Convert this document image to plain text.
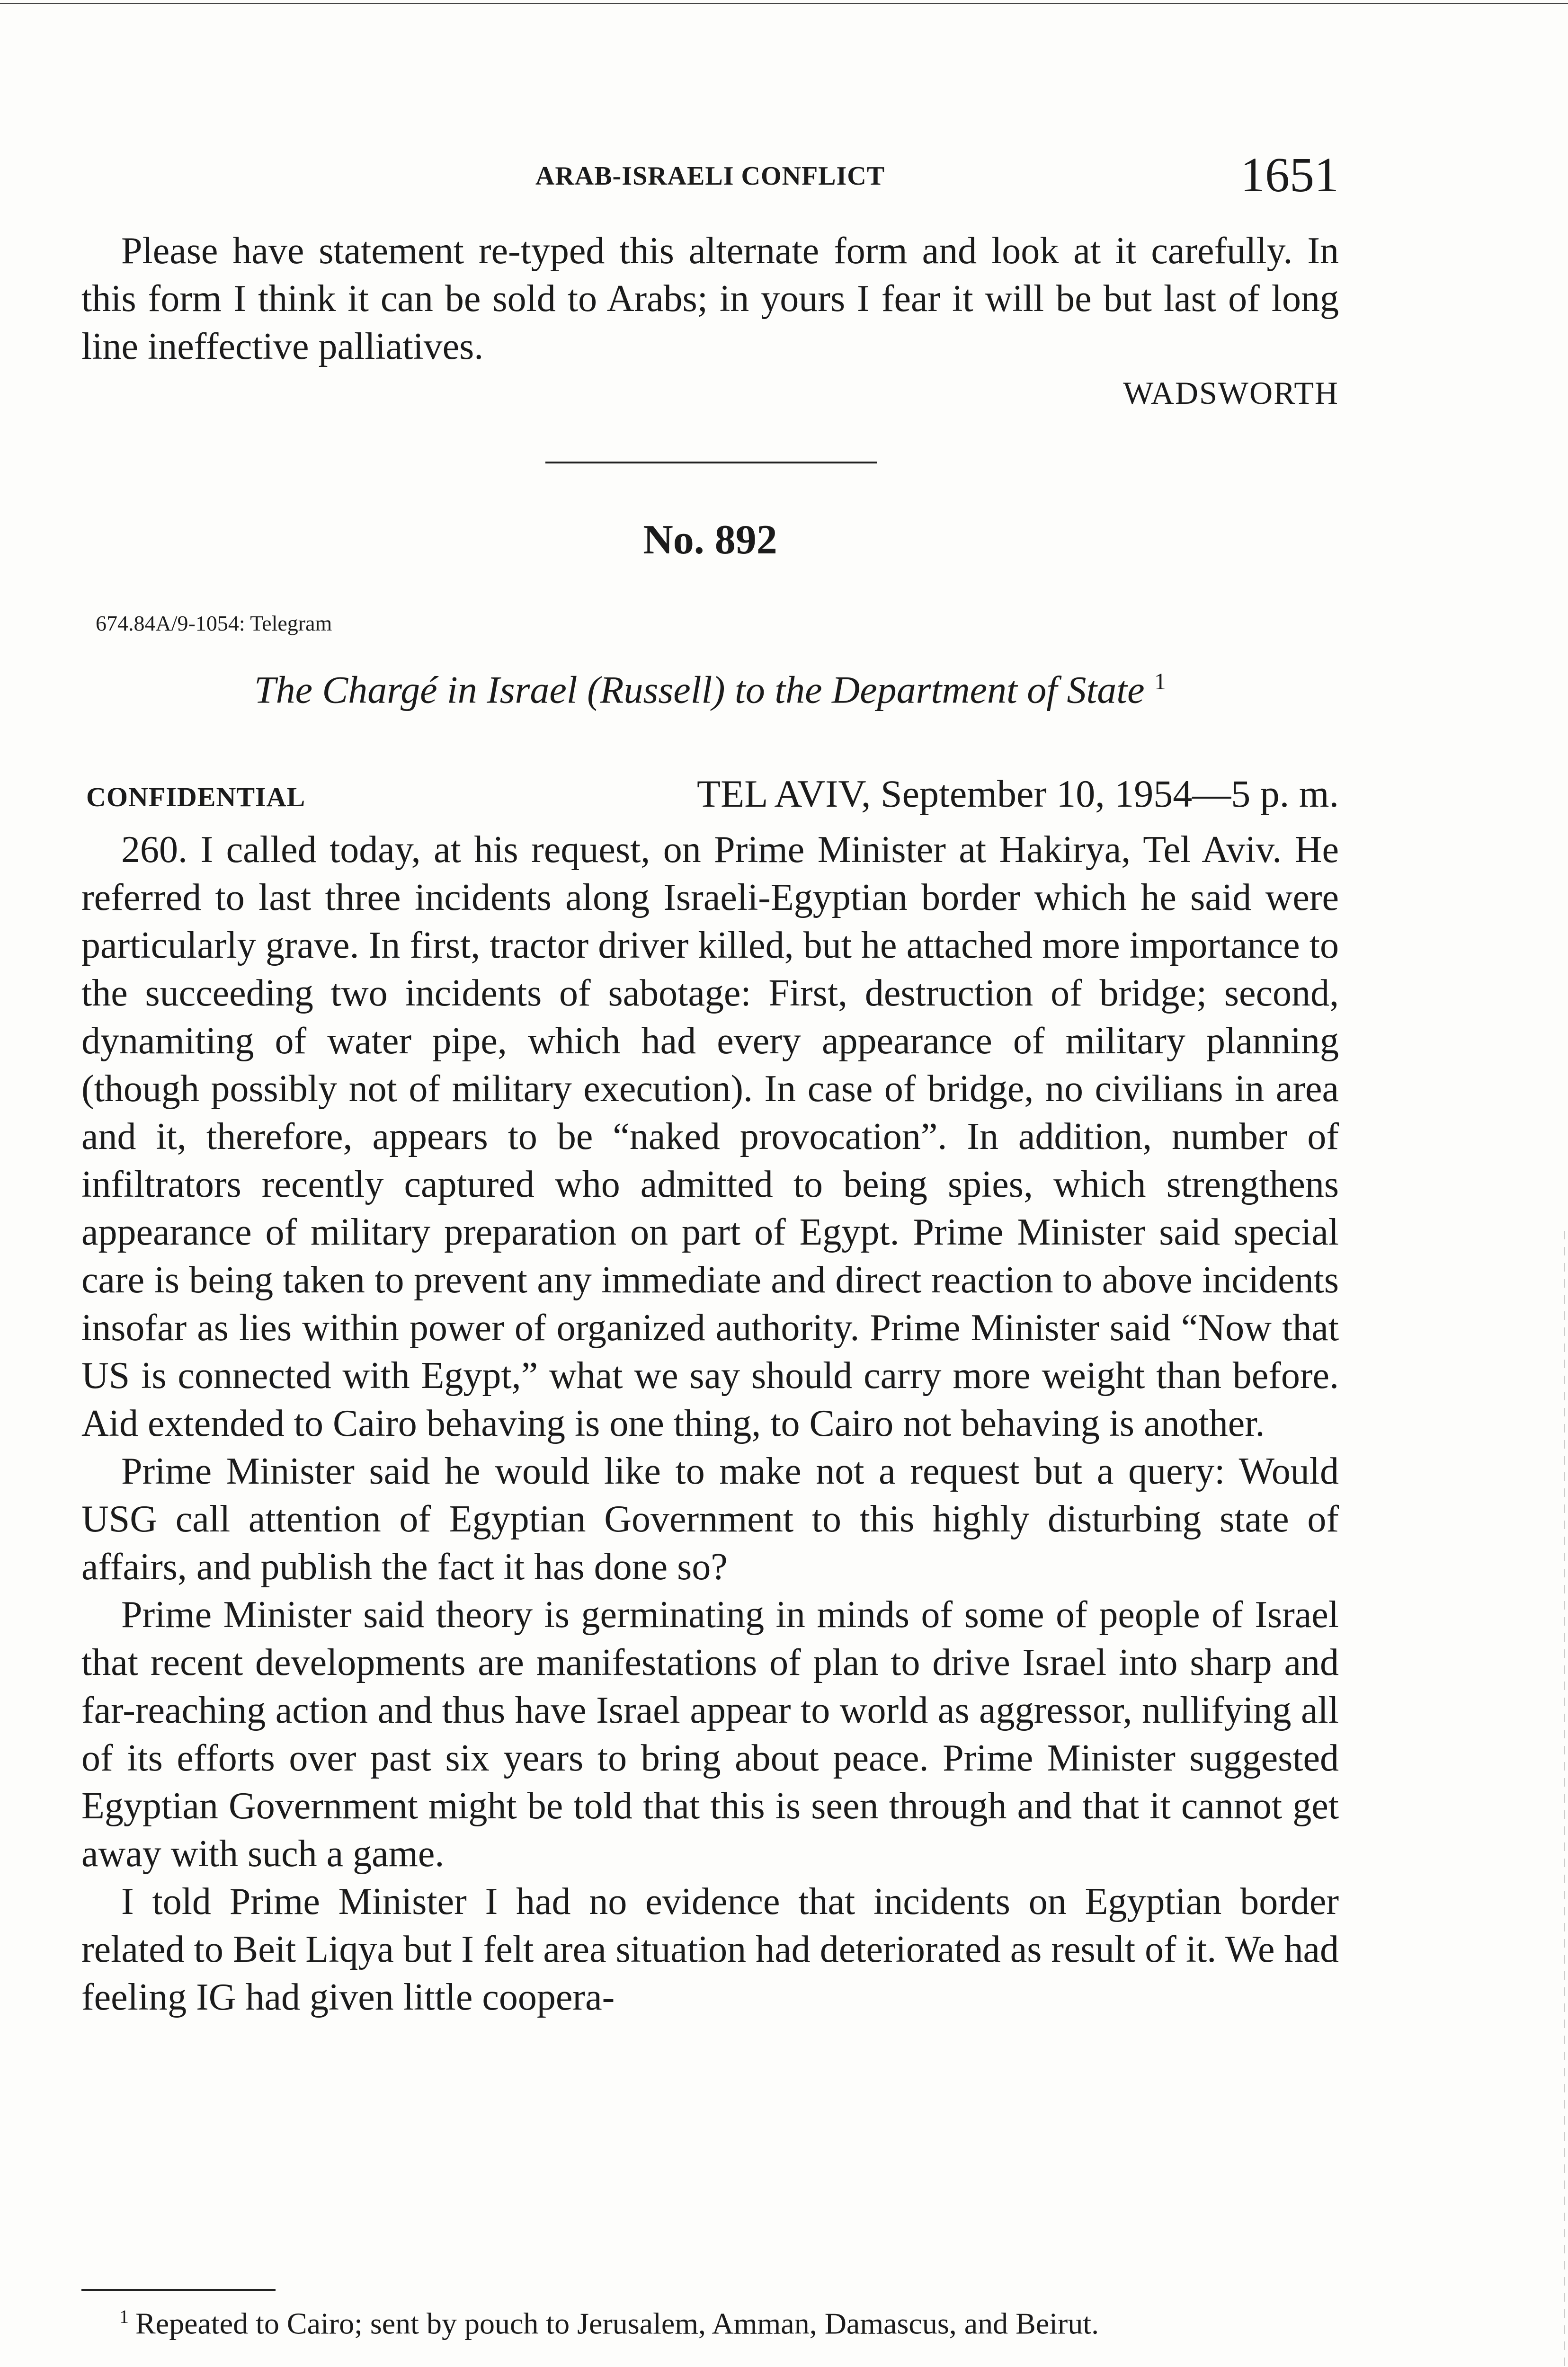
ARAB-ISRAELI CONFLICT	1651

Please have statement re-typed this alternate form and look at it carefully. In this form I think it can be sold to Arabs; in yours I fear it will be but last of long line ineffective palliatives.

WADSWORTH
No. 892
674.84A/9-1054: Telegram
The Chargé in Israel (Russell) to the Department of State $^1$
CONFIDENTIAL	TEL AVIV, September 10, 1954—5 p. m.

260. I called today, at his request, on Prime Minister at Hakirya, Tel Aviv. He referred to last three incidents along Israeli-Egyptian border which he said were particularly grave. In first, tractor driver killed, but he attached more importance to the succeeding two incidents of sabotage: First, destruction of bridge; second, dynamiting of water pipe, which had every appearance of military planning (though possibly not of military execution). In case of bridge, no civilians in area and it, therefore, appears to be “naked provocation”. In addition, number of infiltrators recently captured who admitted to being spies, which strengthens appearance of military preparation on part of Egypt. Prime Minister said special care is being taken to prevent any immediate and direct reaction to above incidents insofar as lies within power of organized authority. Prime Minister said “Now that US is connected with Egypt,” what we say should carry more weight than before. Aid extended to Cairo behaving is one thing, to Cairo not behaving is another.

Prime Minister said he would like to make not a request but a query: Would USG call attention of Egyptian Government to this highly disturbing state of affairs, and publish the fact it has done so?

Prime Minister said theory is germinating in minds of some of people of Israel that recent developments are manifestations of plan to drive Israel into sharp and far-reaching action and thus have Israel appear to world as aggressor, nullifying all of its efforts over past six years to bring about peace. Prime Minister suggested Egyptian Government might be told that this is seen through and that it cannot get away with such a game.

I told Prime Minister I had no evidence that incidents on Egyptian border related to Beit Liqya but I felt area situation had deteriorated as result of it. We had feeling IG had given little coopera-

$^1$ Repeated to Cairo; sent by pouch to Jerusalem, Amman, Damascus, and Beirut.
